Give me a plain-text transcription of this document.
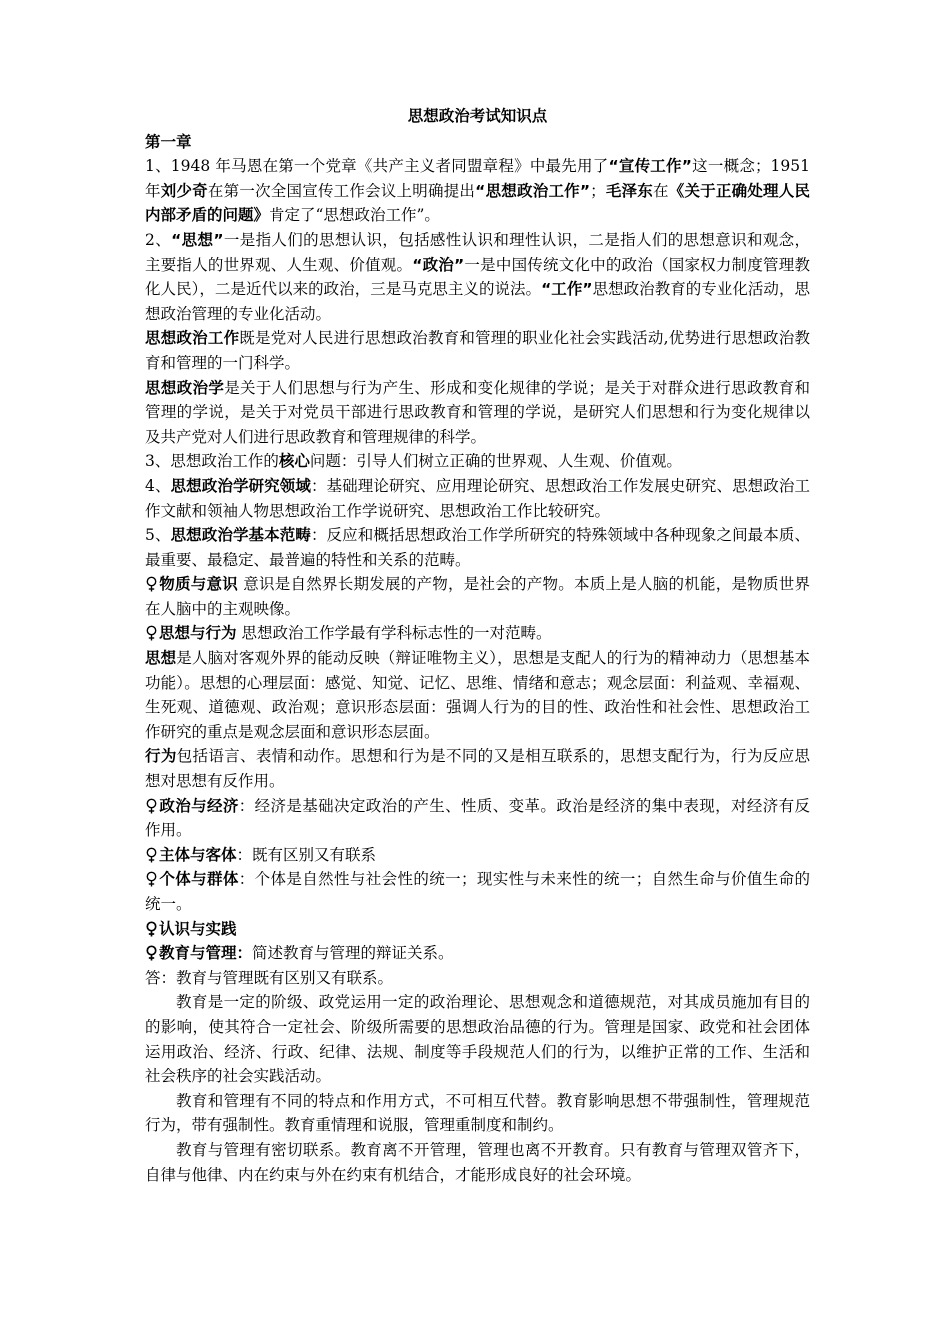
思想政治考试知识点
第一章

1、1948 年马恩在第一个党章《共产主义者同盟章程》中最先用了“宣传工作”这一概念；1951 年刘少奇在第一次全国宣传工作会议上明确提出“思想政治工作”；毛泽东在《关于正确处理人民内部矛盾的问题》肯定了“思想政治工作”。

2、“思想”一是指人们的思想认识，包括感性认识和理性认识，二是指人们的思想意识和观念，主要指人的世界观、人生观、价值观。“政治”一是中国传统文化中的政治（国家权力制度管理教化人民），二是近代以来的政治，三是马克思主义的说法。“工作”思想政治教育的专业化活动，思想政治管理的专业化活动。

思想政治工作既是党对人民进行思想政治教育和管理的职业化社会实践活动,优势进行思想政治教育和管理的一门科学。

思想政治学是关于人们思想与行为产生、形成和变化规律的学说；是关于对群众进行思政教育和管理的学说，是关于对党员干部进行思政教育和管理的学说，是研究人们思想和行为变化规律以及共产党对人们进行思政教育和管理规律的科学。

3、思想政治工作的核心问题：引导人们树立正确的世界观、人生观、价值观。

4、思想政治学研究领域：基础理论研究、应用理论研究、思想政治工作发展史研究、思想政治工作文献和领袖人物思想政治工作学说研究、思想政治工作比较研究。

5、思想政治学基本范畴：反应和概括思想政治工作学所研究的特殊领域中各种现象之间最本质、最重要、最稳定、最普遍的特性和关系的范畴。

物质与意识 意识是自然界长期发展的产物，是社会的产物。本质上是人脑的机能，是物质世界在人脑中的主观映像。

思想与行为 思想政治工作学最有学科标志性的一对范畴。

思想是人脑对客观外界的能动反映（辩证唯物主义），思想是支配人的行为的精神动力（思想基本功能）。思想的心理层面：感觉、知觉、记忆、思维、情绪和意志；观念层面：利益观、幸福观、生死观、道德观、政治观；意识形态层面：强调人行为的目的性、政治性和社会性、思想政治工作研究的重点是观念层面和意识形态层面。

行为包括语言、表情和动作。思想和行为是不同的又是相互联系的，思想支配行为，行为反应思想对思想有反作用。

政治与经济：经济是基础决定政治的产生、性质、变革。政治是经济的集中表现，对经济有反作用。

主体与客体：既有区别又有联系

个体与群体：个体是自然性与社会性的统一；现实性与未来性的统一；自然生命与价值生命的统一。

认识与实践

教育与管理：简述教育与管理的辩证关系。

答：教育与管理既有区别又有联系。

教育是一定的阶级、政党运用一定的政治理论、思想观念和道德规范，对其成员施加有目的的影响，使其符合一定社会、阶级所需要的思想政治品德的行为。管理是国家、政党和社会团体运用政治、经济、行政、纪律、法规、制度等手段规范人们的行为，以维护正常的工作、生活和社会秩序的社会实践活动。

教育和管理有不同的特点和作用方式，不可相互代替。教育影响思想不带强制性，管理规范行为，带有强制性。教育重情理和说服，管理重制度和制约。

教育与管理有密切联系。教育离不开管理，管理也离不开教育。只有教育与管理双管齐下，自律与他律、内在约束与外在约束有机结合，才能形成良好的社会环境。
